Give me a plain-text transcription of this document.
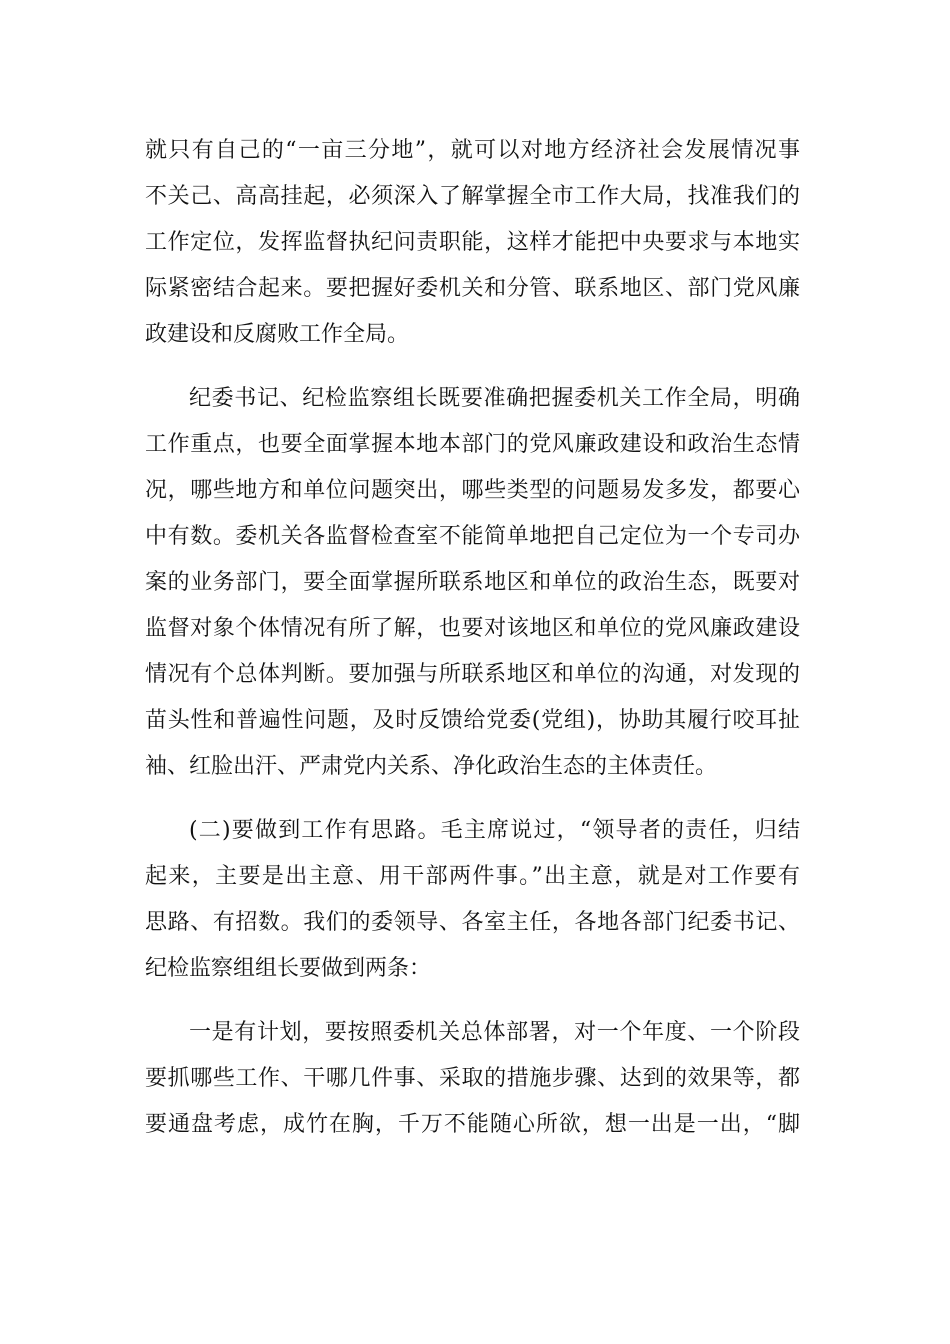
就只有自己的“一亩三分地”，就可以对地方经济社会发展情况事
不关己、高高挂起，必须深入了解掌握全市工作大局，找准我们的
工作定位，发挥监督执纪问责职能，这样才能把中央要求与本地实
际紧密结合起来。要把握好委机关和分管、联系地区、部门党风廉
政建设和反腐败工作全局。
纪委书记、纪检监察组长既要准确把握委机关工作全局，明确
工作重点，也要全面掌握本地本部门的党风廉政建设和政治生态情
况，哪些地方和单位问题突出，哪些类型的问题易发多发，都要心
中有数。委机关各监督检查室不能简单地把自己定位为一个专司办
案的业务部门，要全面掌握所联系地区和单位的政治生态，既要对
监督对象个体情况有所了解，也要对该地区和单位的党风廉政建设
情况有个总体判断。要加强与所联系地区和单位的沟通，对发现的
苗头性和普遍性问题，及时反馈给党委(党组)，协助其履行咬耳扯
袖、红脸出汗、严肃党内关系、净化政治生态的主体责任。
(二)要做到工作有思路。毛主席说过，“领导者的责任，归结
起来，主要是出主意、用干部两件事。”出主意，就是对工作要有
思路、有招数。我们的委领导、各室主任，各地各部门纪委书记、
纪检监察组组长要做到两条：
一是有计划，要按照委机关总体部署，对一个年度、一个阶段
要抓哪些工作、干哪几件事、采取的措施步骤、达到的效果等，都
要通盘考虑，成竹在胸，千万不能随心所欲，想一出是一出，“脚
